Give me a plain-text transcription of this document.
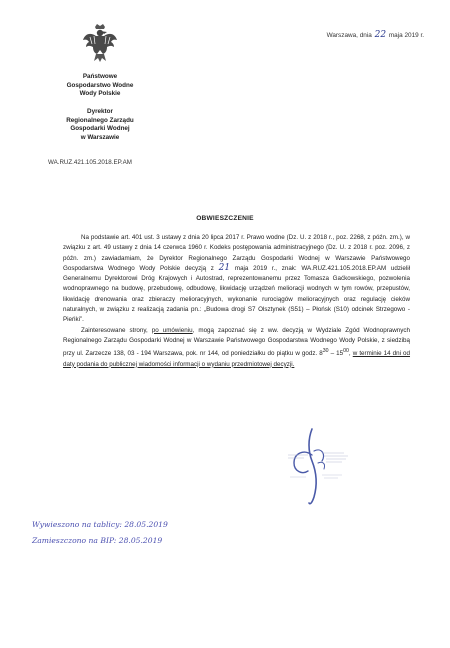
Warszawa, dnia 22 maja 2019 r.
Państwowe
Gospodarstwo Wodne
Wody Polskie
Dyrektor
Regionalnego Zarządu
Gospodarki Wodnej
w Warszawie
WA.RUZ.421.105.2018.EP.AM
OBWIESZCZENIE

Na podstawie art. 401 ust. 3 ustawy z dnia 20 lipca 2017 r. Prawo wodne (Dz. U. z 2018 r., poz. 2268, z późn. zm.), w związku z art. 49 ustawy z dnia 14 czerwca 1960 r. Kodeks postępowania administracyjnego (Dz. U. z 2018 r. poz. 2096, z późn. zm.) zawiadamiam, że Dyrektor Regionalnego Zarządu Gospodarki Wodnej w Warszawie Państwowego Gospodarstwa Wodnego Wody Polskie decyzją z 21 maja 2019 r., znak: WA.RUZ.421.105.2018.EP.AM udzielił Generalnemu Dyrektorowi Dróg Krajowych i Autostrad, reprezentowanemu przez Tomasza Gaćkowskiego, pozwolenia wodnoprawnego na budowę, przebudowę, odbudowę, likwidację urządzeń melioracji wodnych w tym rowów, przepustów, likwidację drenowania oraz zbieraczy melioracyjnych, wykonanie rurociągów melioracyjnych oraz regulację cieków naturalnych, w związku z realizacją zadania pn.: „Budowa drogi S7 Olsztynek (S51) – Płońsk (S10) odcinek Strzegowo - Pieńki”.

Zainteresowane strony, po umówieniu, mogą zapoznać się z ww. decyzją w Wydziale Zgód Wodnoprawnych Regionalnego Zarządu Gospodarki Wodnej w Warszawie Państwowego Gospodarstwa Wodnego Wody Polskie, z siedzibą przy ul. Zarzecze 138, 03 - 194 Warszawa, pok. nr 144, od poniedziałku do piątku w godz. $8^{30} - 15^{00}$, w terminie 14 dni od daty podania do publicznej wiadomości informacji o wydaniu przedmiotowej decyzji.

Wywieszono na tablicy: 28.05.2019
Zamieszczono na BIP: 28.05.2019
